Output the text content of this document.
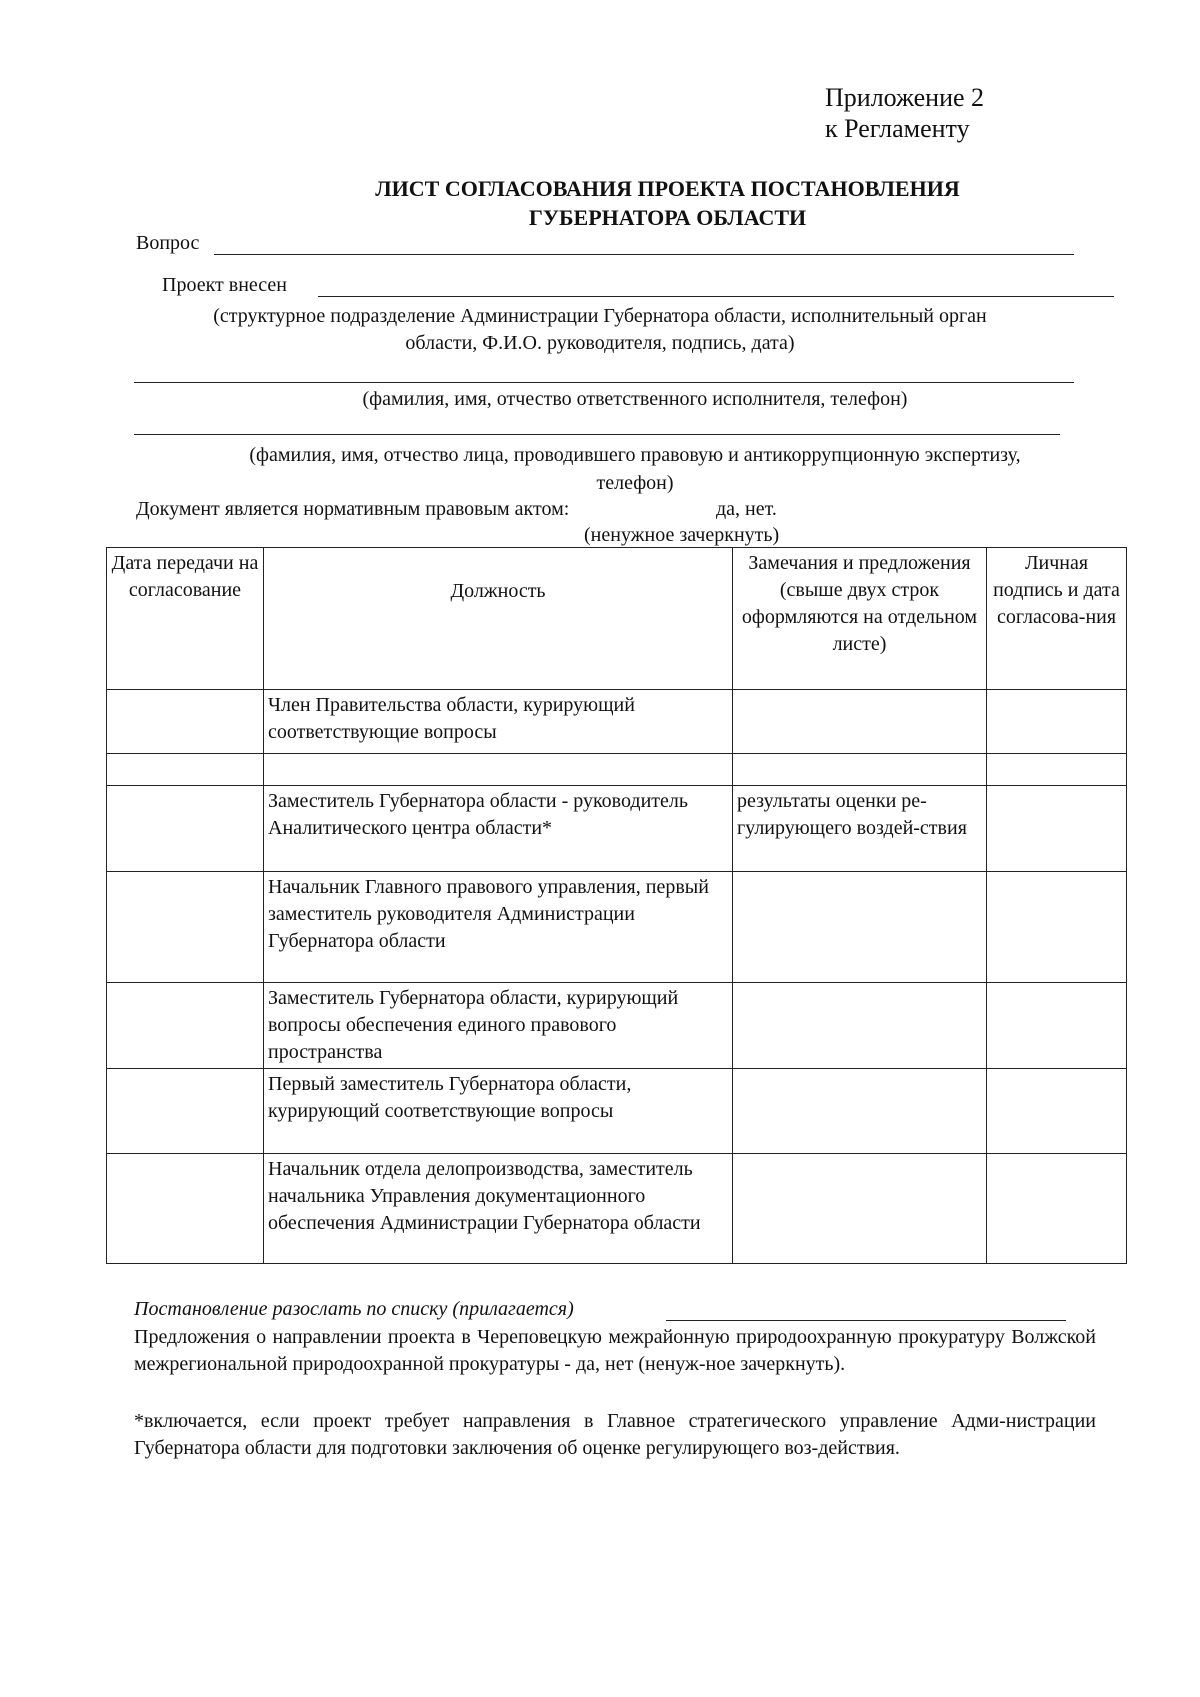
Приложение 2
к Регламенту
ЛИСТ СОГЛАСОВАНИЯ ПРОЕКТА ПОСТАНОВЛЕНИЯ
ГУБЕРНАТОРА ОБЛАСТИ
Вопрос
Проект внесен
(структурное подразделение Администрации Губернатора области, исполнительный орган
области, Ф.И.О. руководителя, подпись, дата)
(фамилия, имя, отчество ответственного исполнителя, телефон)
(фамилия, имя, отчество лица, проводившего правовую и антикоррупционную экспертизу,
телефон)
Документ является нормативным правовым актом:	да, нет.
(ненужное зачеркнуть)
Дата передачи на согласование	Должность	Замечания и предложения (свыше двух строк оформляются на отдельном листе)	Личная подпись и дата согласова-ния
	Член Правительства области, курирующий соответствующие вопросы		

	Заместитель Губернатора области - руководитель Аналитического центра области*	результаты оценки ре-гулирующего воздей-ствия	
	Начальник Главного правового управления, первый заместитель руководителя Администрации Губернатора области		
	Заместитель Губернатора области, курирующий вопросы обеспечения единого правового пространства		
	Первый заместитель Губернатора области, курирующий соответствующие вопросы		
	Начальник отдела делопроизводства, заместитель начальника Управления документационного обеспечения Администрации Губернатора области		
Постановление разослать по списку (прилагается)
Предложения о направлении проекта в Череповецкую межрайонную природоохранную прокуратуру Волжской межрегиональной природоохранной прокуратуры - да, нет (ненуж-ное зачеркнуть).
*включается, если проект требует направления в Главное стратегического управление Адми-нистрации Губернатора области для подготовки заключения об оценке регулирующего воз-действия.
